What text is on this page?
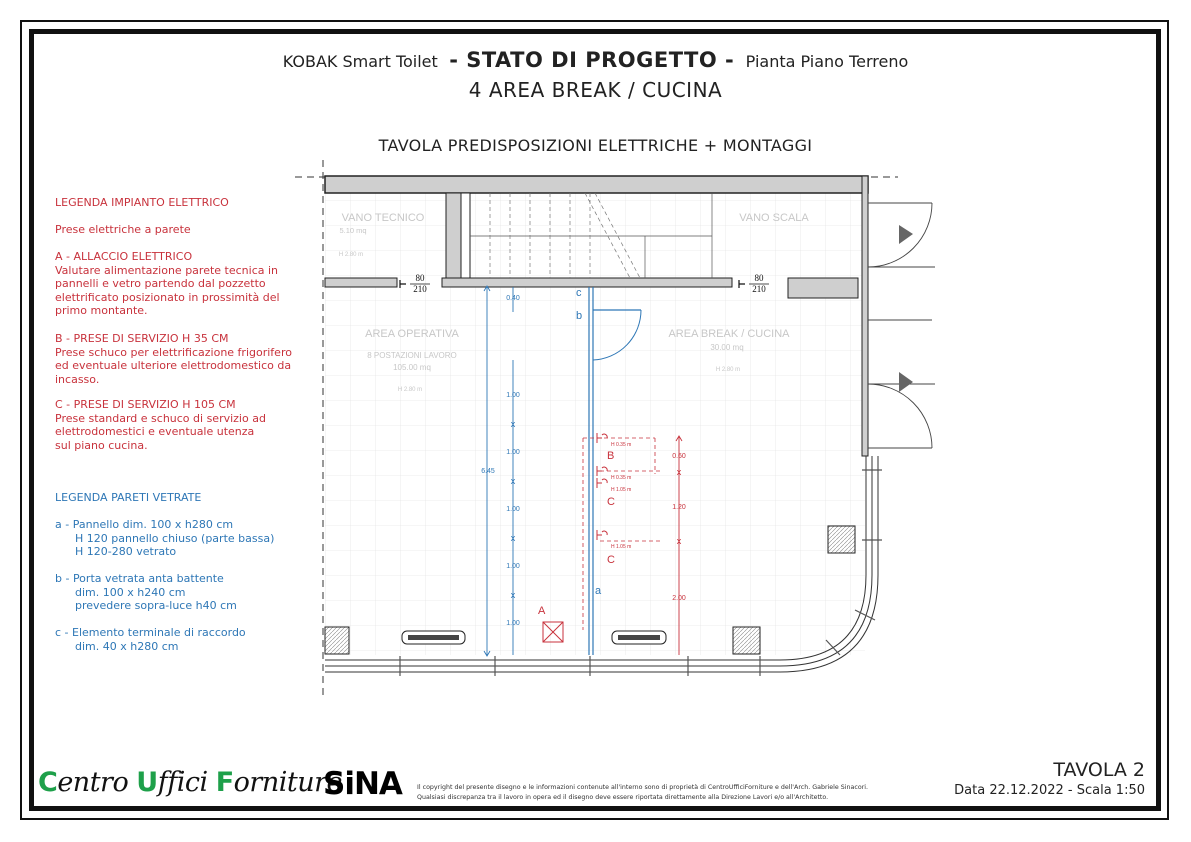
KOBAK Smart Toilet - STATO DI PROGETTO - Pianta Piano Terreno
4 AREA BREAK / CUCINA
TAVOLA PREDISPOSIZIONI ELETTRICHE + MONTAGGI
LEGENDA IMPIANTO ELETTRICO
Prese elettriche a parete
A - ALLACCIO ELETTRICO
Valutare alimentazione parete tecnica in
pannelli e vetro partendo dal pozzetto
elettrificato posizionato in prossimità del
primo montante.
B - PRESE DI SERVIZIO H 35 CM
Prese schuco per elettrificazione frigorifero
ed eventuale ulteriore elettrodomestico da
incasso.
C - PRESE DI SERVIZIO H 105 CM
Prese standard e schuco di servizio ad
elettrodomestici e eventuale utenza
sul piano cucina.
LEGENDA PARETI VETRATE
a - Pannello dim. 100 x h280 cm
H 120 pannello chiuso (parte bassa)
H 120-280 vetrato
b - Porta vetrata anta battente
dim. 100 x h240 cm
prevedere sopra-luce h40 cm
c - Elemento terminale di raccordo
dim. 40 x h280 cm
VANO TECNICO
5.10 mq
H 2.80 m
VANO SCALA
AREA OPERATIVA
8 POSTAZIONI LAVORO
105.00 mq
H 2.80 m
AREA BREAK / CUCINA
30.00 mq
H 2.80 m
80
210
80
210
0.40
6.45
1.00
1.00
1.00
1.00
1.00
x
x
x
x
c
b
a
H 0.35 m
H 0.35 m
H 1.05 m
H 1.05 m
B
C
C
A
0.60
1.20
2.00
x
x
Centro Uffici Forniture
SiNA Il copyright del presente disegno e le informazioni contenute all'interno sono di proprietà di CentroUfficiForniture e dell'Arch. Gabriele Sinacori.
Qualsiasi discrepanza tra il lavoro in opera ed il disegno deve essere riportata direttamente alla Direzione Lavori e/o all'Architetto.
TAVOLA 2
Data 22.12.2022 - Scala 1:50
